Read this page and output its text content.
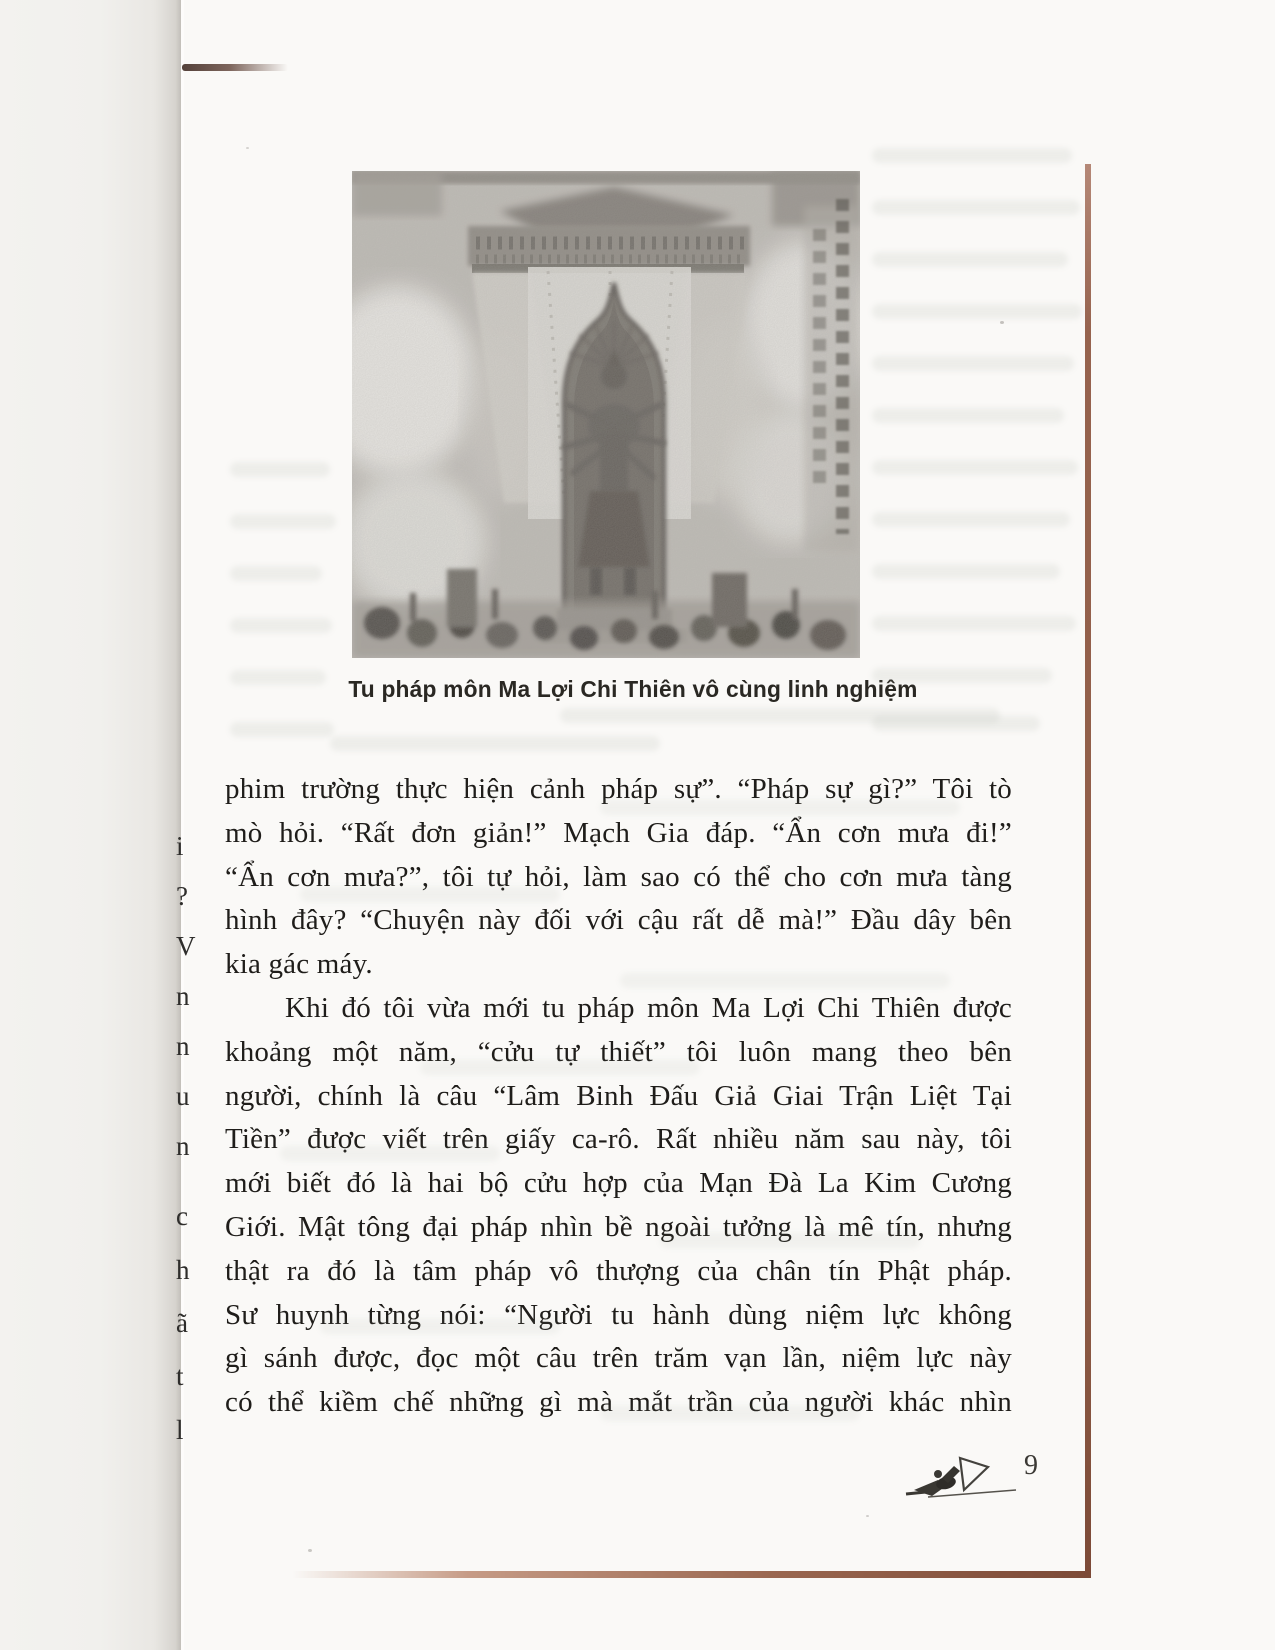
Tu pháp môn Ma Lợi Chi Thiên vô cùng linh nghiệm
phim trường thực hiện cảnh pháp sự”. “Pháp sự gì?” Tôi tò
mò hỏi. “Rất đơn giản!” Mạch Gia đáp. “Ẩn cơn mưa đi!”
“Ẩn cơn mưa?”, tôi tự hỏi, làm sao có thể cho cơn mưa tàng
hình đây? “Chuyện này đối với cậu rất dễ mà!” Đầu dây bên
kia gác máy.
Khi đó tôi vừa mới tu pháp môn Ma Lợi Chi Thiên được
khoảng một năm, “cửu tự thiết” tôi luôn mang theo bên
người, chính là câu “Lâm Binh Đấu Giả Giai Trận Liệt Tại
Tiền” được viết trên giấy ca-rô. Rất nhiều năm sau này, tôi
mới biết đó là hai bộ cửu hợp của Mạn Đà La Kim Cương
Giới. Mật tông đại pháp nhìn bề ngoài tưởng là mê tín, nhưng
thật ra đó là tâm pháp vô thượng của chân tín Phật pháp.
Sư huynh từng nói: “Người tu hành dùng niệm lực không
gì sánh được, đọc một câu trên trăm vạn lần, niệm lực này
có thể kiềm chế những gì mà mắt trần của người khác nhìn
i
?
V
n
n
u
n
c
h
ã
t
l
9
